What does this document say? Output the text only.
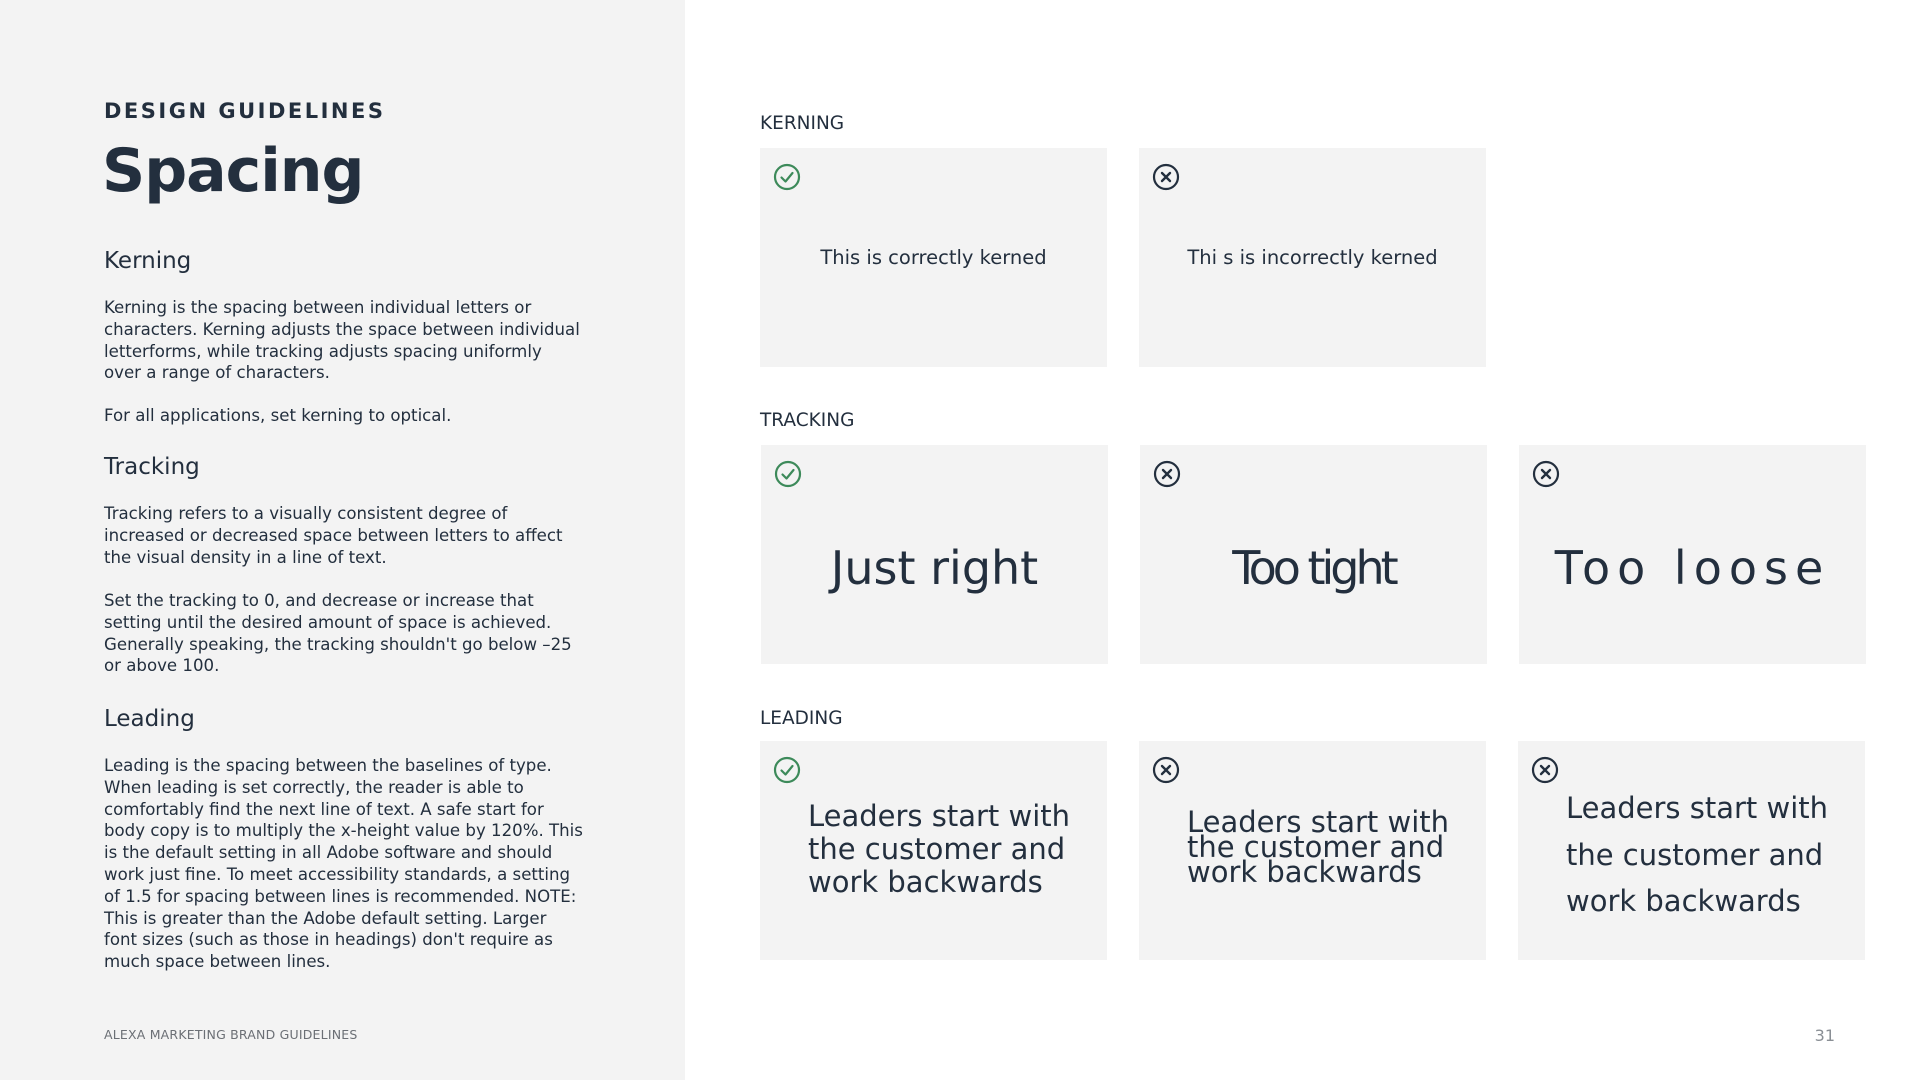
DESIGN GUIDELINES
Spacing
Kerning
Kerning is the spacing between individual letters or characters. Kerning adjusts the space between individual letterforms, while tracking adjusts spacing uniformly over a range of characters.
For all applications, set kerning to optical.
Tracking
Tracking refers to a visually consistent degree of increased or decreased space between letters to affect the visual density in a line of text.
Set the tracking to 0, and decrease or increase that setting until the desired amount of space is achieved. Generally speaking, the tracking shouldn't go below –25 or above 100.
Leading
Leading is the spacing between the baselines of type. When leading is set correctly, the reader is able to comfortably find the next line of text. A safe start for body copy is to multiply the x-height value by 120%. This is the default setting in all Adobe software and should work just fine. To meet accessibility standards, a setting of 1.5 for spacing between lines is recommended. NOTE: This is greater than the Adobe default setting. Larger font sizes (such as those in headings) don't require as much space between lines.
ALEXA MARKETING BRAND GUIDELINES
KERNING
This is correctly kerned	Thi s is incorrectly kerned
TRACKING
Just right	Too tight	Too loose
LEADING
Leaders start with the customer and work backwards
Leaders start with the customer and work backwards
Leaders start with the customer and work backwards
31
